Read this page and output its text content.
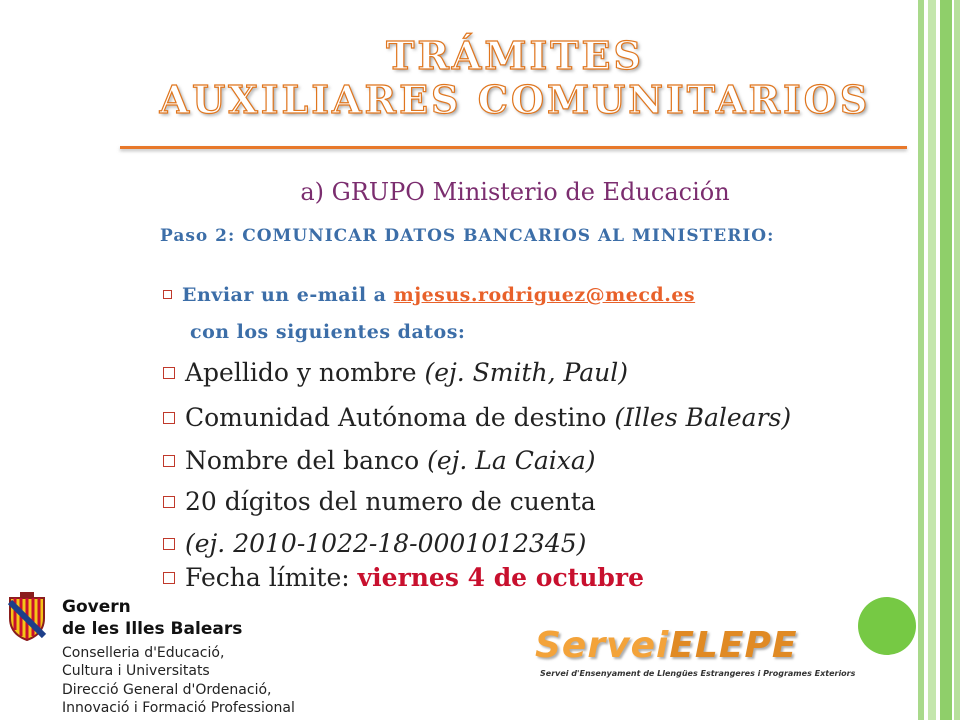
TRÁMITES
AUXILIARES COMUNITARIOS
a) GRUPO Ministerio de Educación
Paso 2: COMUNICAR DATOS BANCARIOS AL MINISTERIO:
Enviar un e-mail a mjesus.rodriguez@mecd.es
con los siguientes datos:
Apellido y nombre (ej. Smith, Paul)
Comunidad Autónoma de destino (Illes Balears)
Nombre del banco (ej. La Caixa)
20 dígitos del numero de cuenta
(ej. 2010-1022-18-0001012345)
Fecha límite: viernes 4 de octubre
Govern
de les Illes Balears
Conselleria d'Educació,
Cultura i Universitats
Direcció General d'Ordenació,
Innovació i Formació Professional
ServeiELEPE
Servei d'Ensenyament de Llengües Estrangeres i Programes Exteriors
